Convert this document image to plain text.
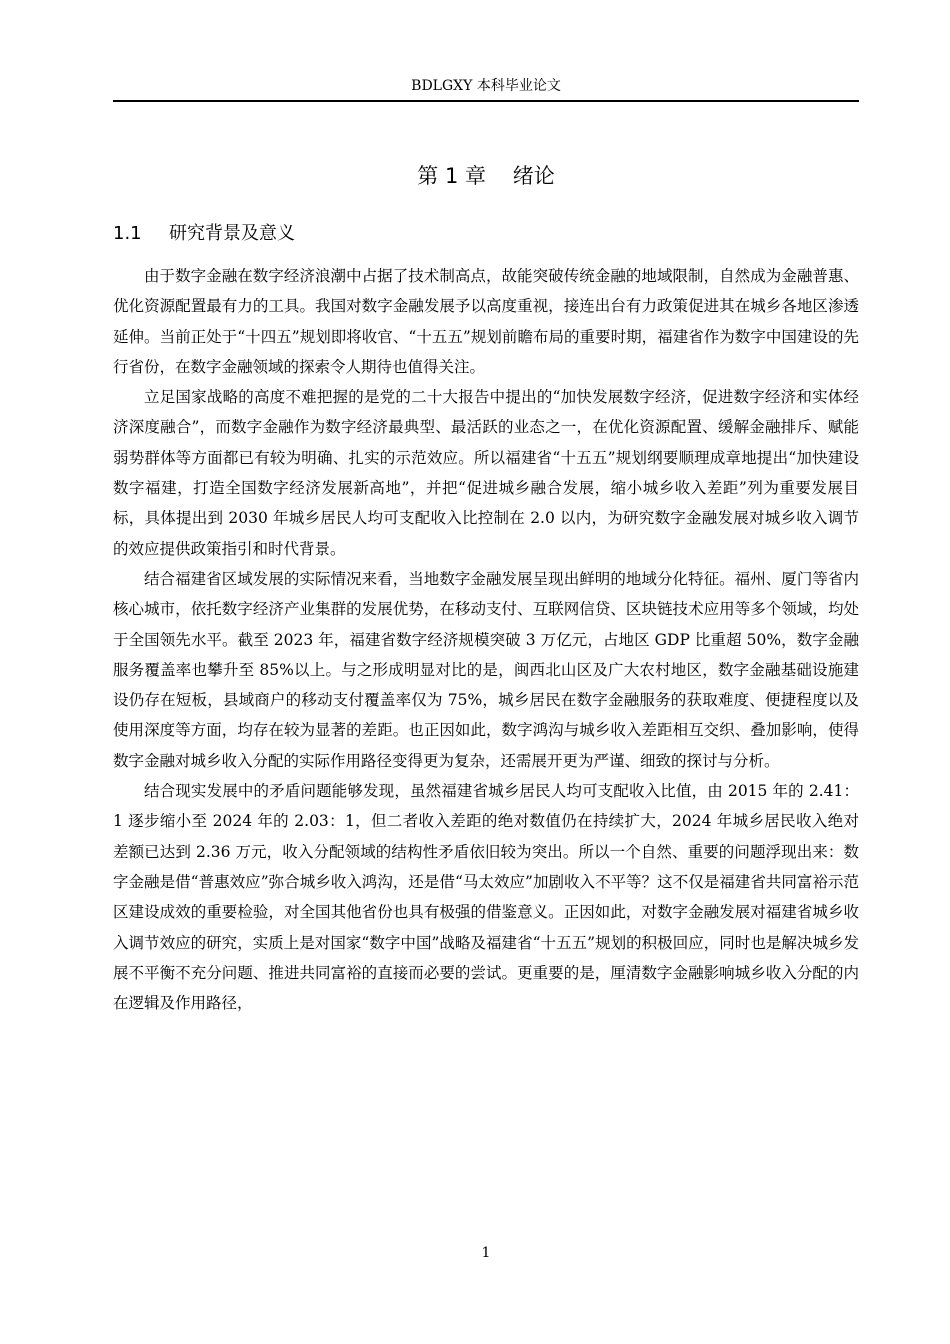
BDLGXY 本科毕业论文
第 1 章    绪论
1.1 研究背景及意义

由于数字金融在数字经济浪潮中占据了技术制高点，故能突破传统金融的地域限制，自然成为金融普惠、优化资源配置最有力的工具。我国对数字金融发展予以高度重视，接连出台有力政策促进其在城乡各地区渗透延伸。当前正处于“十四五”规划即将收官、“十五五”规划前瞻布局的重要时期，福建省作为数字中国建设的先行省份，在数字金融领域的探索令人期待也值得关注。

立足国家战略的高度不难把握的是党的二十大报告中提出的“加快发展数字经济，促进数字经济和实体经济深度融合”，而数字金融作为数字经济最典型、最活跃的业态之一，在优化资源配置、缓解金融排斥、赋能弱势群体等方面都已有较为明确、扎实的示范效应。所以福建省“十五五”规划纲要顺理成章地提出“加快建设数字福建，打造全国数字经济发展新高地”，并把“促进城乡融合发展，缩小城乡收入差距”列为重要发展目标，具体提出到 2030 年城乡居民人均可支配收入比控制在 2.0 以内，为研究数字金融发展对城乡收入调节的效应提供政策指引和时代背景。

结合福建省区域发展的实际情况来看，当地数字金融发展呈现出鲜明的地域分化特征。福州、厦门等省内核心城市，依托数字经济产业集群的发展优势，在移动支付、互联网信贷、区块链技术应用等多个领域，均处于全国领先水平。截至 2023 年，福建省数字经济规模突破 3 万亿元，占地区 GDP 比重超 50%，数字金融服务覆盖率也攀升至 85%以上。与之形成明显对比的是，闽西北山区及广大农村地区，数字金融基础设施建设仍存在短板，县域商户的移动支付覆盖率仅为 75%，城乡居民在数字金融服务的获取难度、便捷程度以及使用深度等方面，均存在较为显著的差距。也正因如此，数字鸿沟与城乡收入差距相互交织、叠加影响，使得数字金融对城乡收入分配的实际作用路径变得更为复杂，还需展开更为严谨、细致的探讨与分析。

结合现实发展中的矛盾问题能够发现，虽然福建省城乡居民人均可支配收入比值，由 2015 年的 2.41：1 逐步缩小至 2024 年的 2.03：1，但二者收入差距的绝对数值仍在持续扩大，2024 年城乡居民收入绝对差额已达到 2.36 万元，收入分配领域的结构性矛盾依旧较为突出。所以一个自然、重要的问题浮现出来：数字金融是借“普惠效应”弥合城乡收入鸿沟，还是借“马太效应”加剧收入不平等？这不仅是福建省共同富裕示范区建设成效的重要检验，对全国其他省份也具有极强的借鉴意义。正因如此，对数字金融发展对福建省城乡收入调节效应的研究，实质上是对国家“数字中国”战略及福建省“十五五”规划的积极回应，同时也是解决城乡发展不平衡不充分问题、推进共同富裕的直接而必要的尝试。更重要的是，厘清数字金融影响城乡收入分配的内在逻辑及作用路径，

1
